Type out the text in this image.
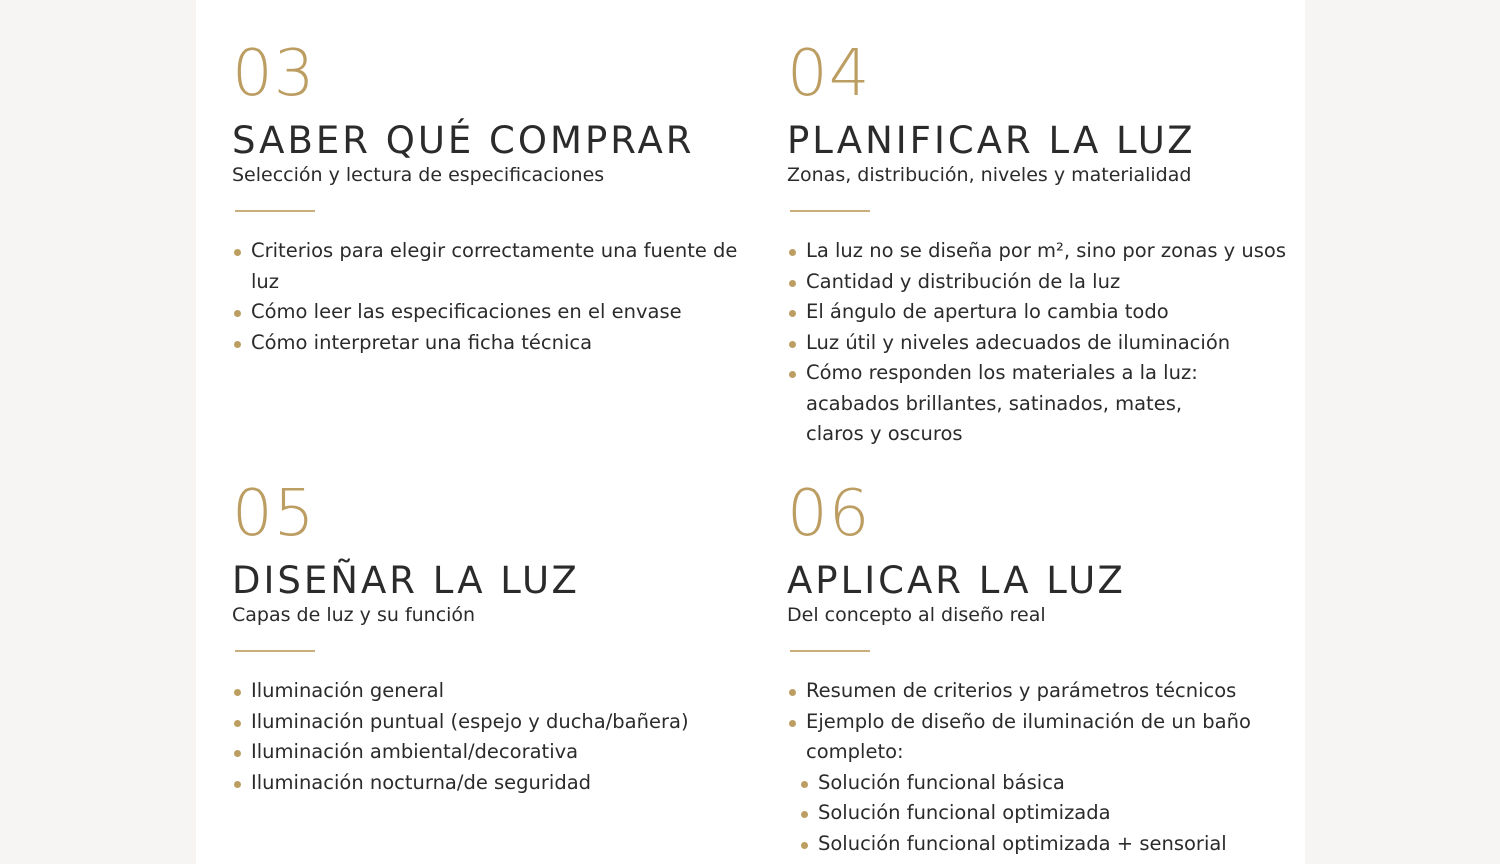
03
SABER QUÉ COMPRAR

Selección y lectura de especificaciones

Criterios para elegir correctamente una fuente de luz
Cómo leer las especificaciones en el envase
Cómo interpretar una ficha técnica
04
PLANIFICAR LA LUZ

Zonas, distribución, niveles y materialidad

La luz no se diseña por m², sino por zonas y usos
Cantidad y distribución de la luz
El ángulo de apertura lo cambia todo
Luz útil y niveles adecuados de iluminación
Cómo responden los materiales a la luz: acabados brillantes, satinados, mates, claros y oscuros
05
DISEÑAR LA LUZ

Capas de luz y su función

Iluminación general
Iluminación puntual (espejo y ducha/bañera)
Iluminación ambiental/decorativa
Iluminación nocturna/de seguridad
06
APLICAR LA LUZ

Del concepto al diseño real

Resumen de criterios y parámetros técnicos
Ejemplo de diseño de iluminación de un baño completo:
Solución funcional básica
Solución funcional optimizada
Solución funcional optimizada + sensorial
